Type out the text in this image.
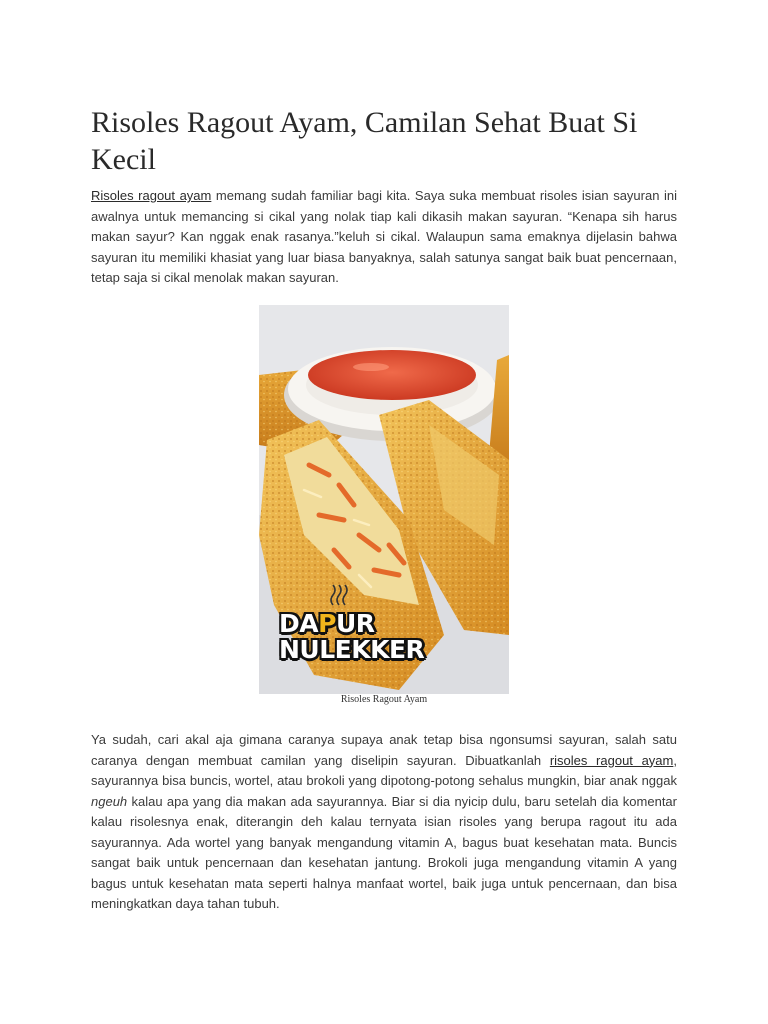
Risoles Ragout Ayam, Camilan Sehat Buat Si Kecil

Risoles ragout ayam memang sudah familiar bagi kita. Saya suka membuat risoles isian sayuran ini awalnya untuk memancing si cikal yang nolak tiap kali dikasih makan sayuran. “Kenapa sih harus makan sayur? Kan nggak enak rasanya.”keluh si cikal. Walaupun sama emaknya dijelasin bahwa sayuran itu memiliki khasiat yang luar biasa banyaknya, salah satunya sangat baik buat pencernaan, tetap saja si cikal menolak makan sayuran.

DAPUR
NULEKKER
Risoles Ragout Ayam

Ya sudah, cari akal aja gimana caranya supaya anak tetap bisa ngonsumsi sayuran, salah satu caranya dengan membuat camilan yang diselipin sayuran. Dibuatkanlah risoles ragout ayam, sayurannya bisa buncis, wortel, atau brokoli yang dipotong-potong sehalus mungkin, biar anak nggak ngeuh kalau apa yang dia makan ada sayurannya. Biar si dia nyicip dulu, baru setelah dia komentar kalau risolesnya enak, diterangin deh kalau ternyata isian risoles yang berupa ragout itu ada sayurannya. Ada wortel yang banyak mengandung vitamin A, bagus buat kesehatan mata. Buncis sangat baik untuk pencernaan dan kesehatan jantung. Brokoli juga mengandung vitamin A yang bagus untuk kesehatan mata seperti halnya manfaat wortel, baik juga untuk pencernaan, dan bisa meningkatkan daya tahan tubuh.
